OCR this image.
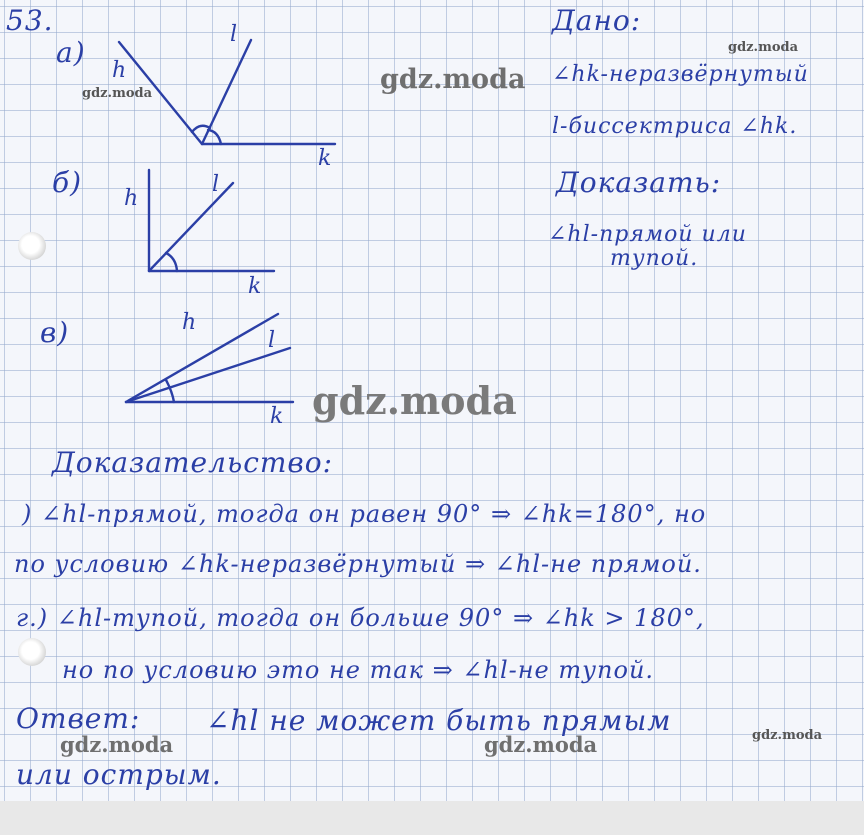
53.
а)
h
l
k
б) h
l
k
в)	h
l
k
Дано:
∠hk-неразвёрнутый
l-биссектриса ∠hk.
Доказать:
∠hl-прямой или
тупой.
Доказательство:
) ∠hl-прямой, тогда он равен 90° ⇒ ∠hk=180°, но
по условию ∠hk-неразвёрнутый ⇒ ∠hl-не прямой.
г.) ∠hl-тупой, тогда он больше 90° ⇒ ∠hk > 180°,
но по условию это не так ⇒ ∠hl-не тупой.
Ответ: ∠hl не может быть прямым
или острым.
gdz.moda
gdz.moda
gdz.moda
gdz.moda
gdz.moda	gdz.moda	gdz.moda
